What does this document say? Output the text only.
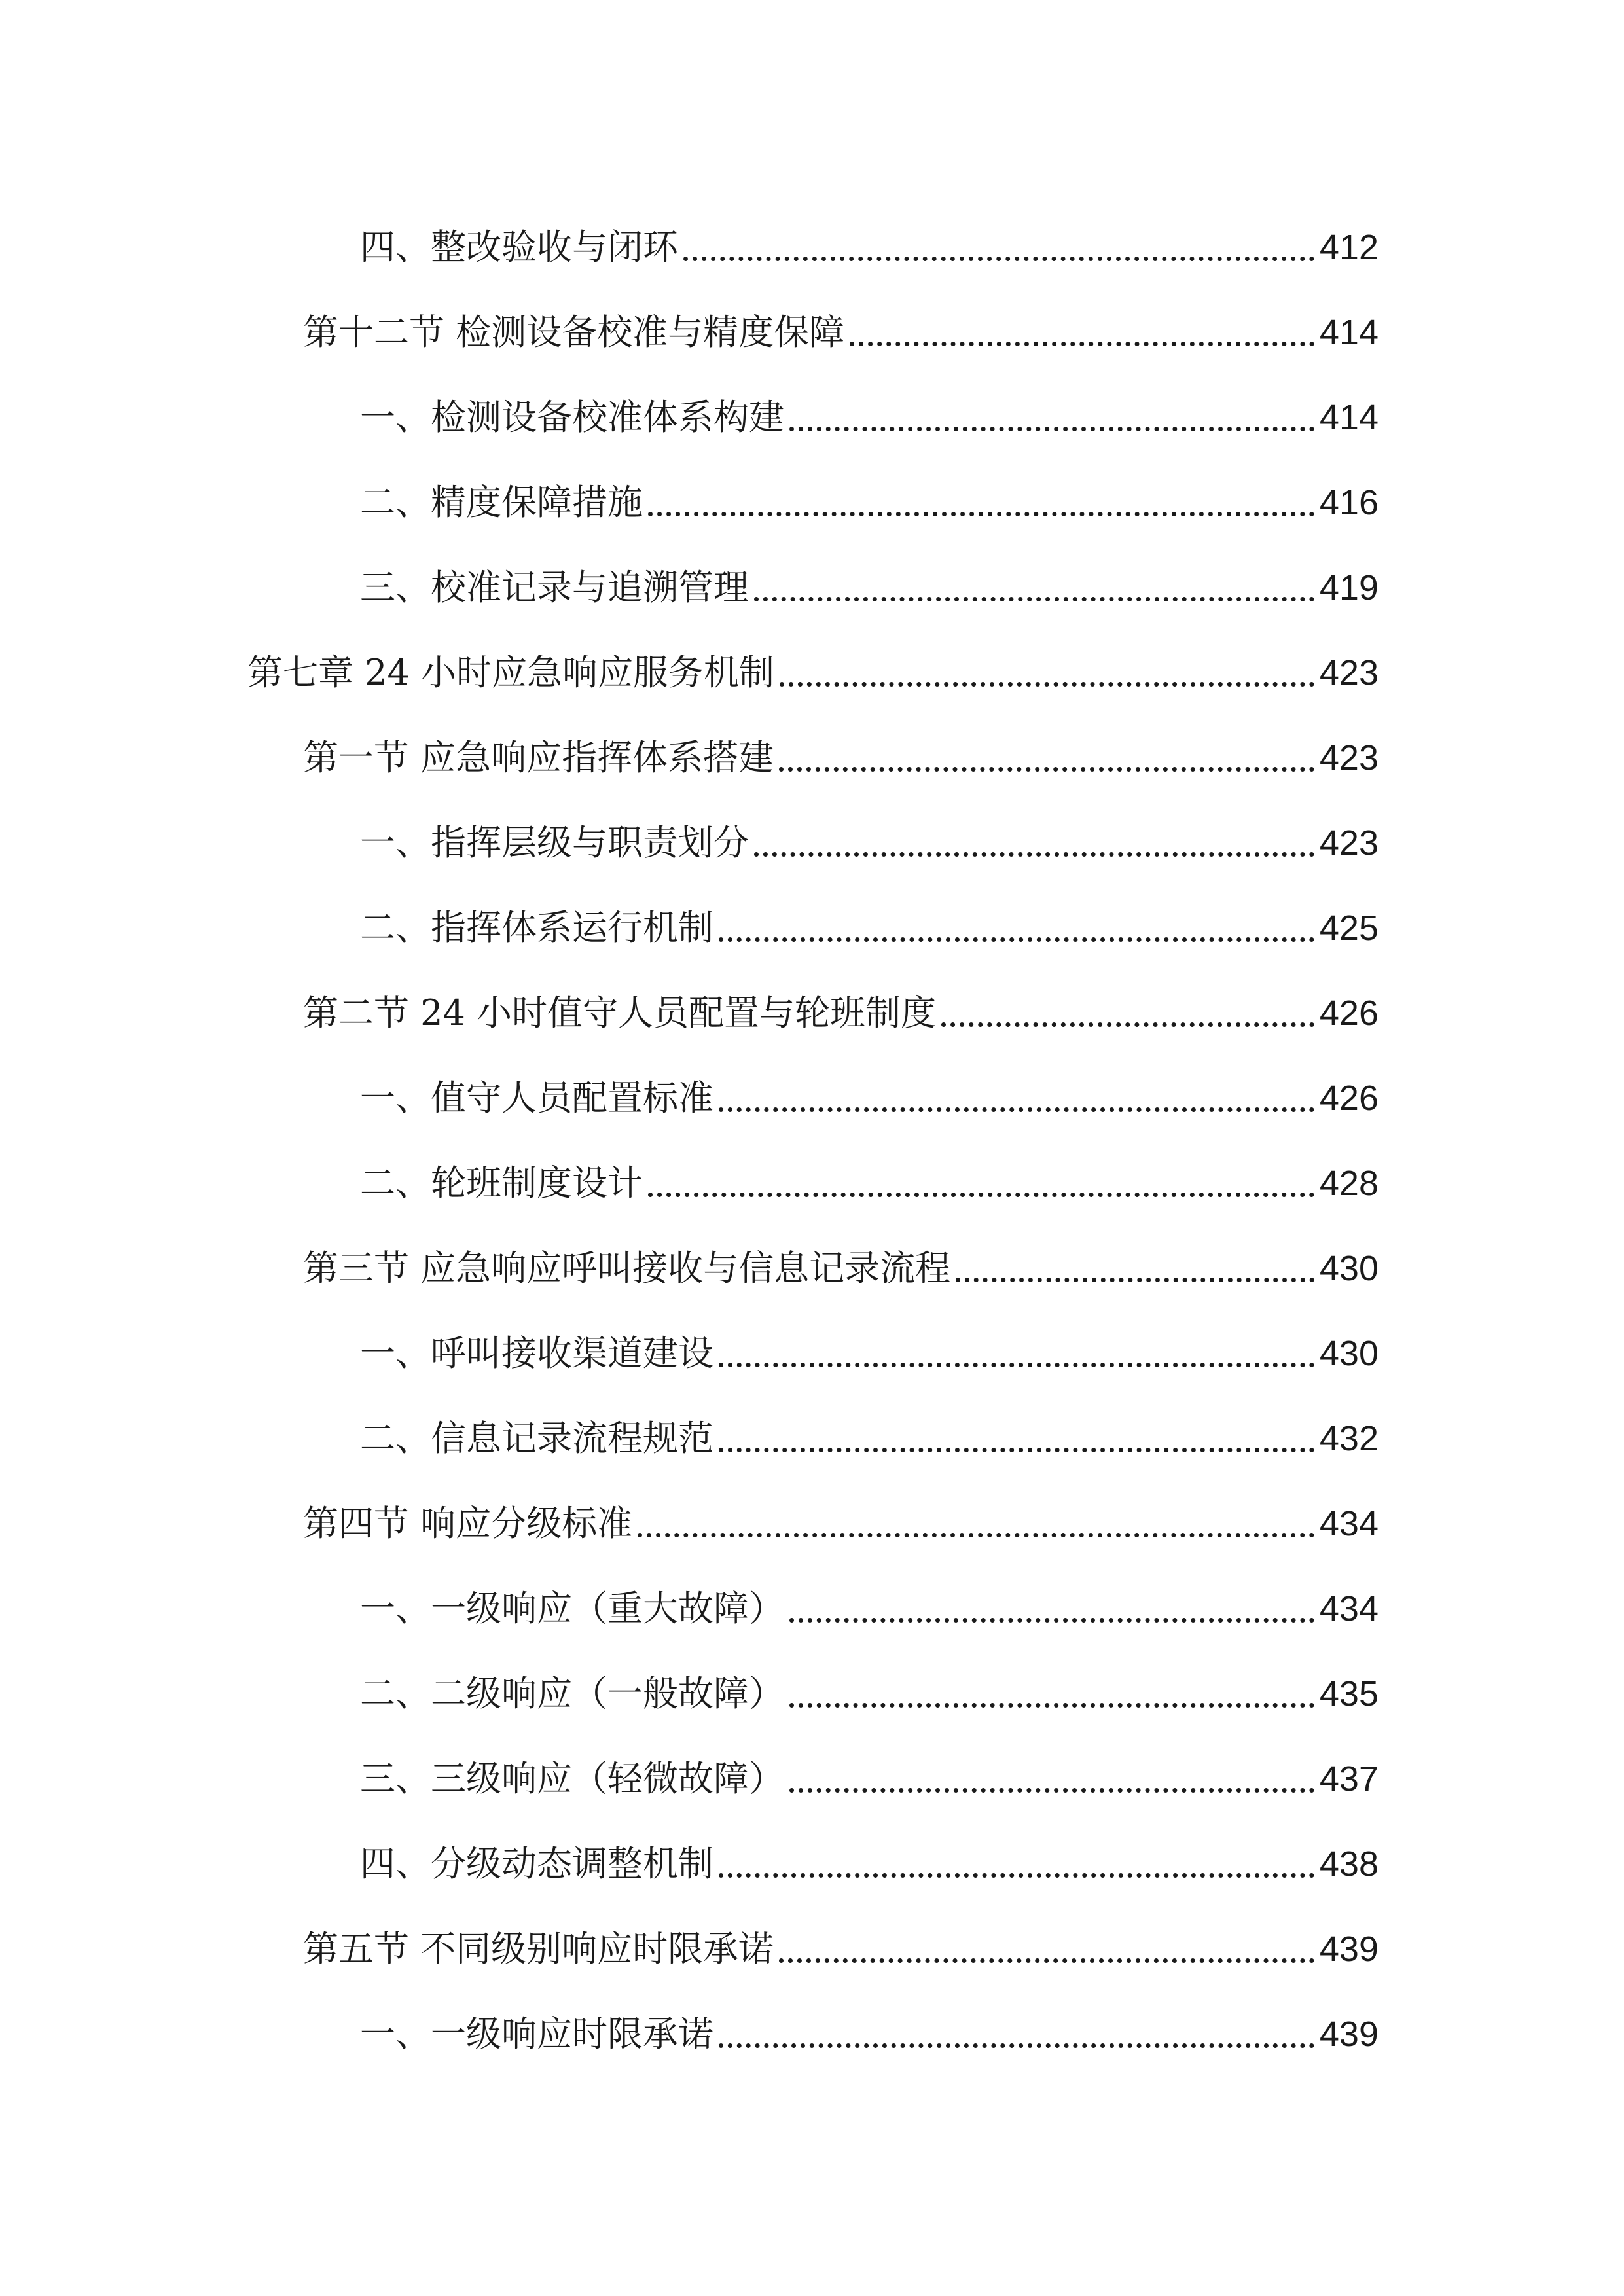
四、整改验收与闭环	412
第十二节 检测设备校准与精度保障	414
一、检测设备校准体系构建	414
二、精度保障措施	416
三、校准记录与追溯管理	419
第七章 24 小时应急响应服务机制	423
第一节 应急响应指挥体系搭建	423
一、指挥层级与职责划分	423
二、指挥体系运行机制	425
第二节 24 小时值守人员配置与轮班制度	426
一、值守人员配置标准	426
二、轮班制度设计	428
第三节 应急响应呼叫接收与信息记录流程	430
一、呼叫接收渠道建设	430
二、信息记录流程规范	432
第四节 响应分级标准	434
一、一级响应（重大故障）	434
二、二级响应（一般故障）	435
三、三级响应（轻微故障）	437
四、分级动态调整机制	438
第五节 不同级别响应时限承诺	439
一、一级响应时限承诺	439
